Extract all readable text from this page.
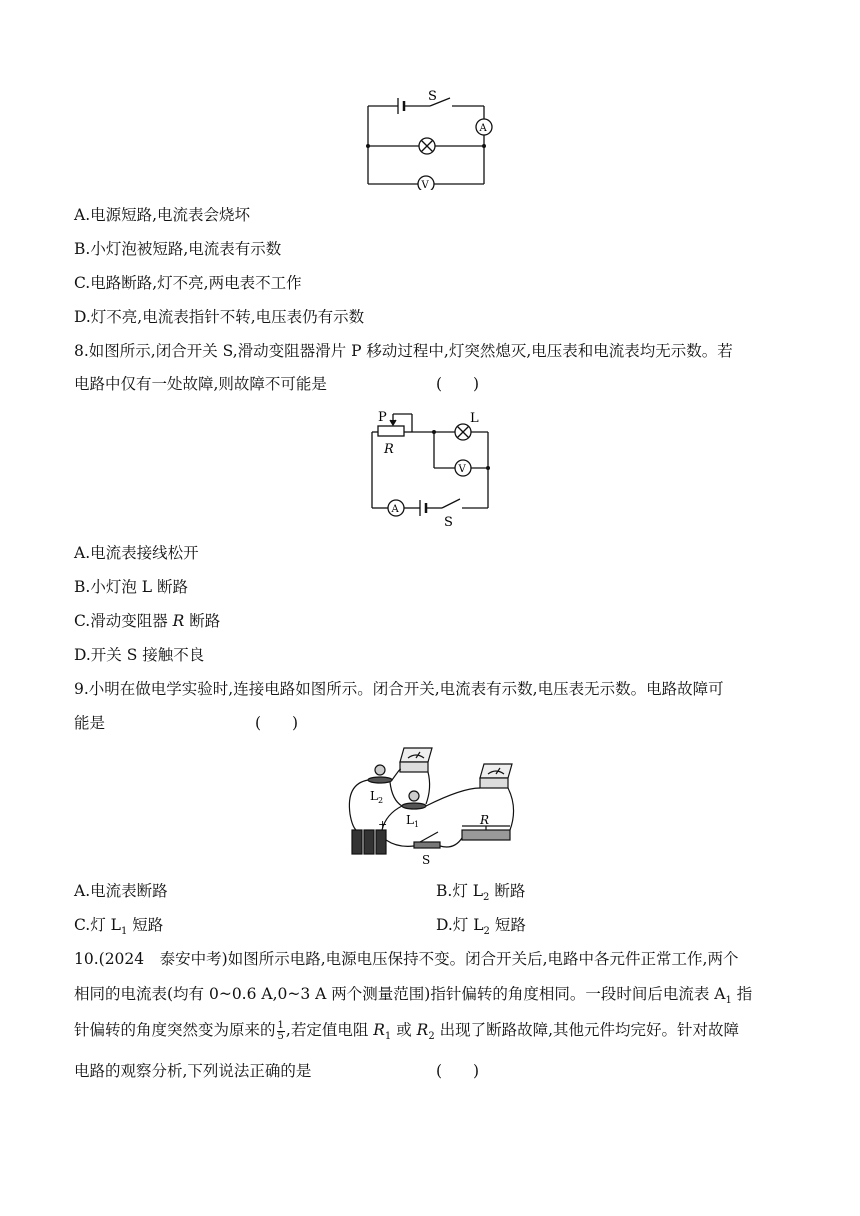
S
A
V
A.电源短路,电流表会烧坏
B.小灯泡被短路,电流表有示数
C.电路断路,灯不亮,两电表不工作
D.灯不亮,电流表指针不转,电压表仍有示数
8.如图所示,闭合开关 S,滑动变阻器滑片 P 移动过程中,灯突然熄灭,电压表和电流表均无示数。若
电路中仅有一处故障,则故障不可能是	(　　)
P
R
L
V
A
S
A.电流表接线松开
B.小灯泡 L 断路
C.滑动变阻器 R 断路
D.开关 S 接触不良
9.小明在做电学实验时,连接电路如图所示。闭合开关,电流表有示数,电压表无示数。电路故障可
能是	(　　)
$L_2$
$L_1$	R
S
+
A.电流表断路	B.灯 $L_2$ 断路
C.灯 $L_1$ 短路	D.灯 $L_2$ 短路
10.(2024　泰安中考)如图所示电路,电源电压保持不变。闭合开关后,电路中各元件正常工作,两个
相同的电流表(均有 0~0.6 A,0~3 A 两个测量范围)指针偏转的角度相同。一段时间后电流表 $A_1$ 指
针偏转的角度突然变为原来的 $\frac{1}{5}$ ,若定值电阻 $R_1$ 或 $R_2$ 出现了断路故障,其他元件均完好。针对故障
电路的观察分析,下列说法正确的是	(　　)
